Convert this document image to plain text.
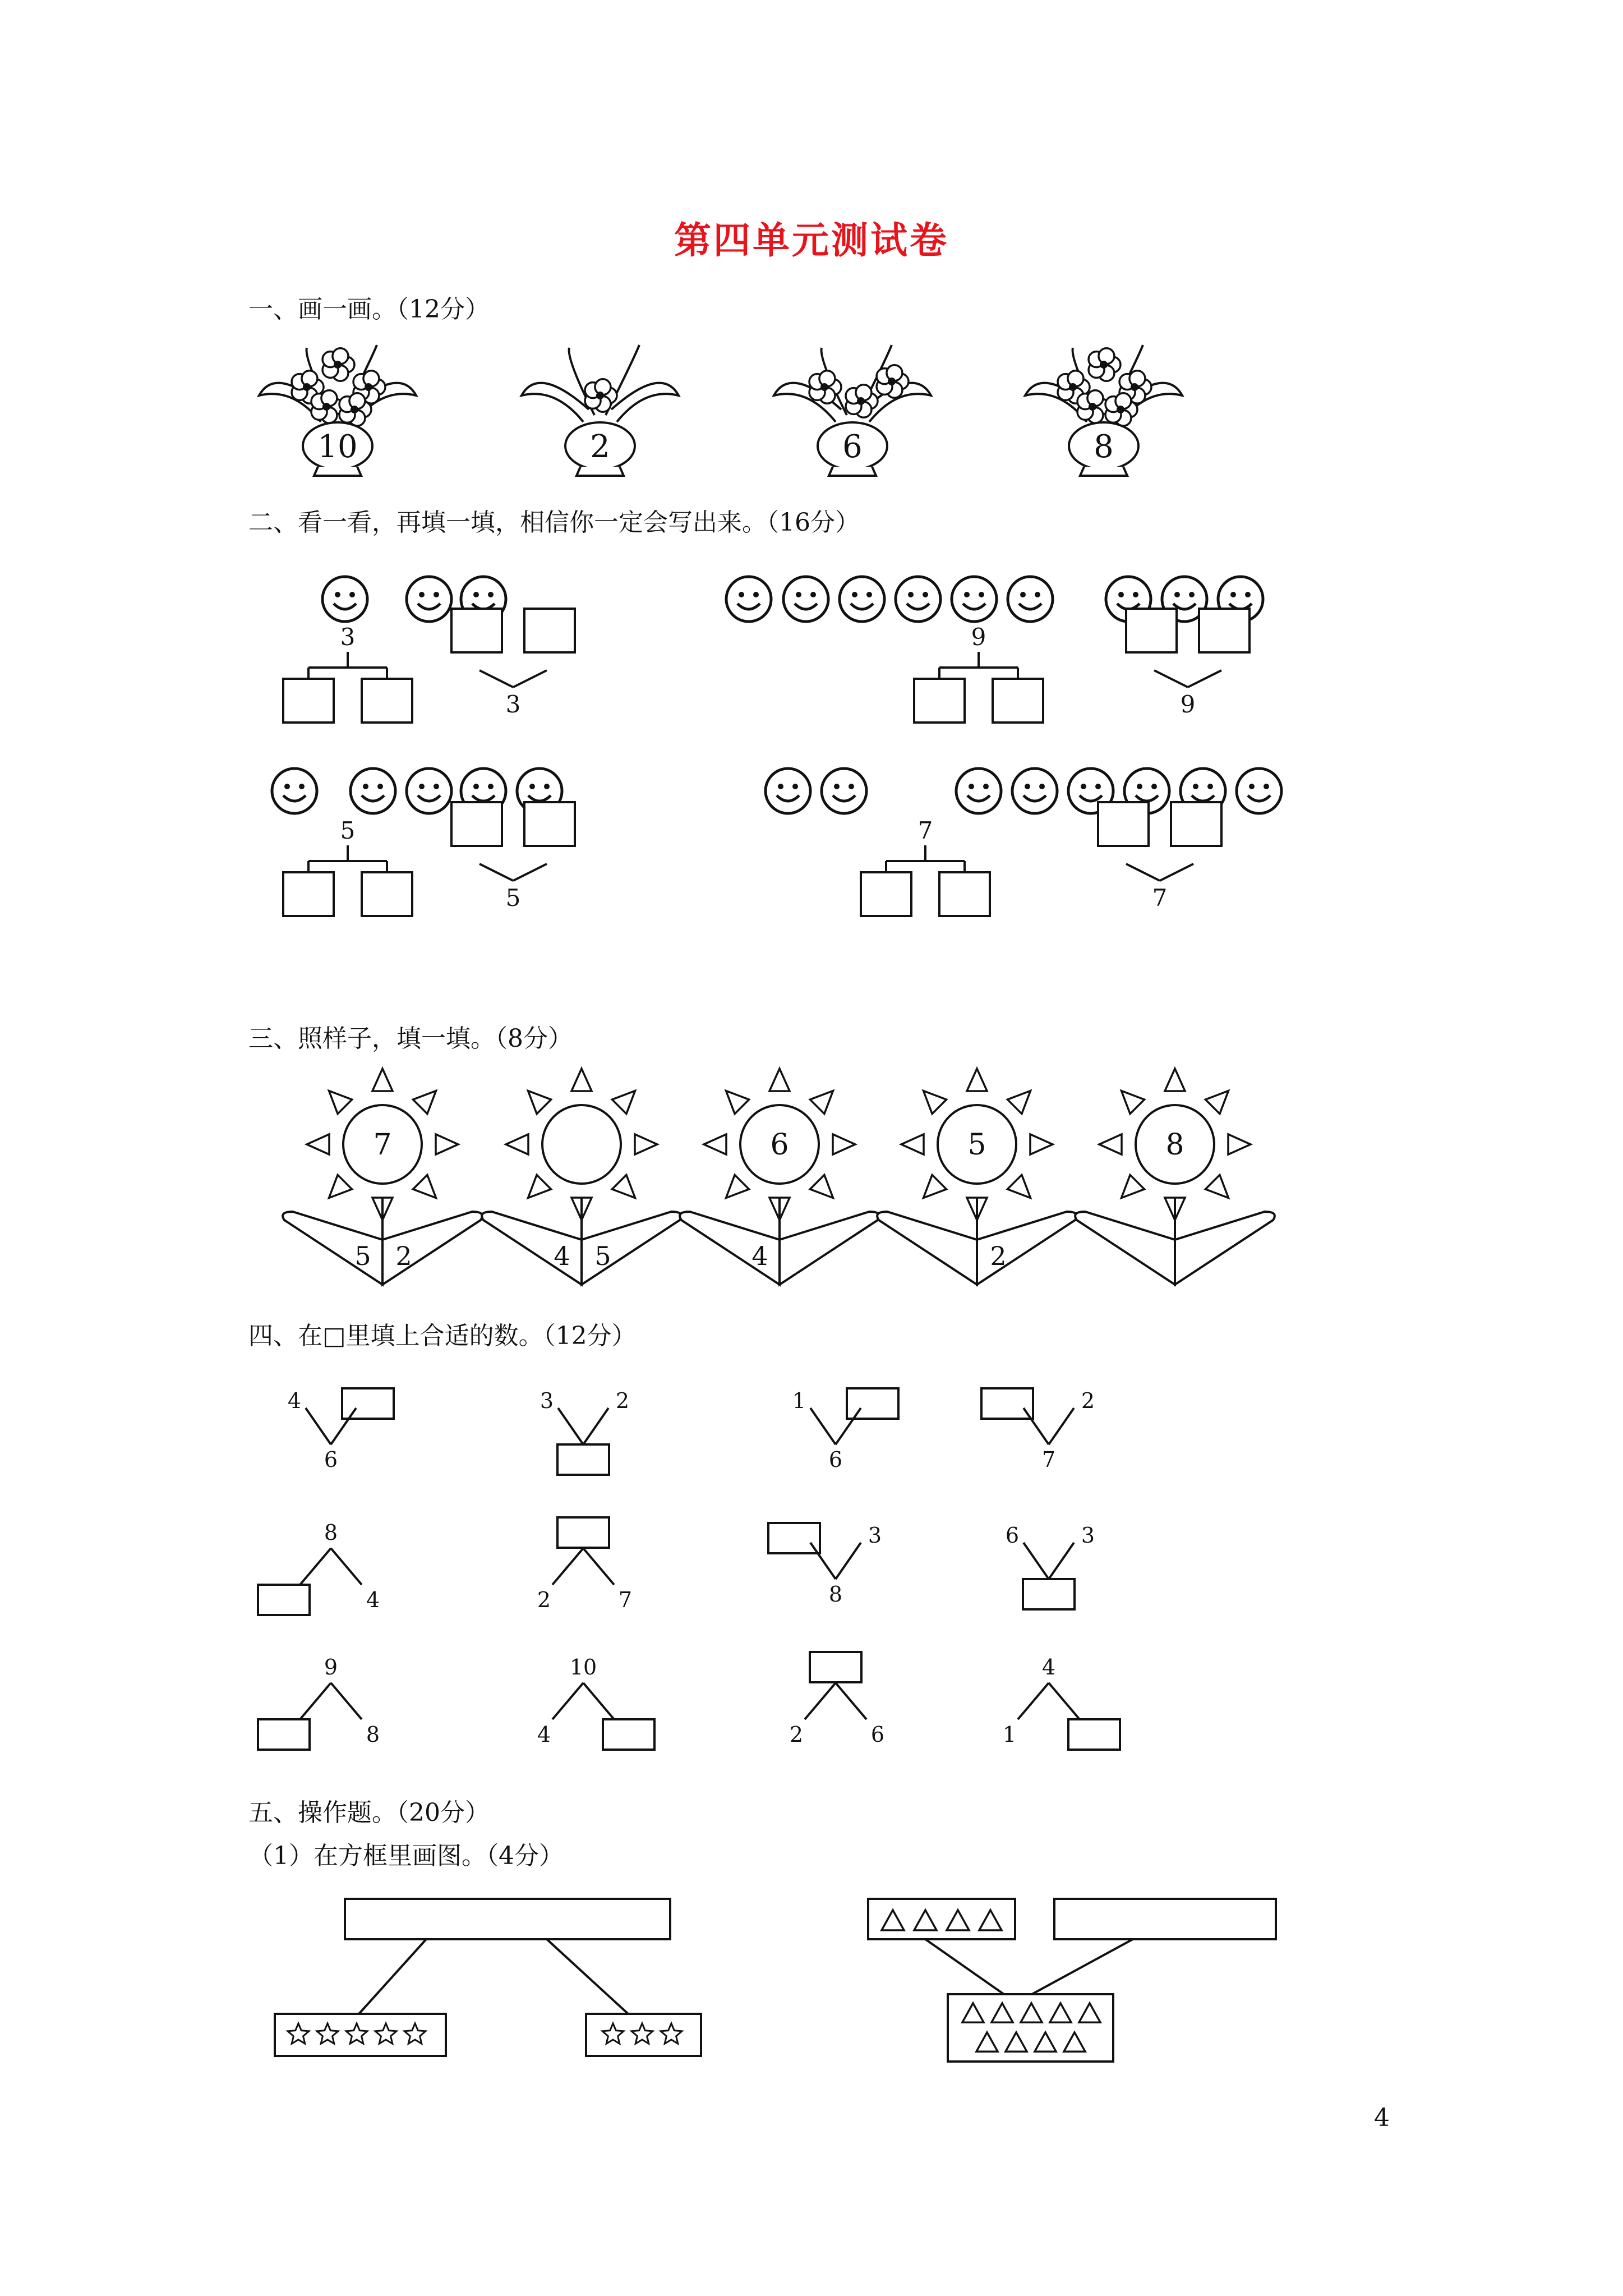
第四单元测试卷
一、画一画。（12分）
二、看一看，再填一填，相信你一定会写出来。（16分）
三、照样子，填一填。（8分）
四、在□里填上合适的数。（12分）
五、操作题。（20分）
（1）在方框里画图。（4分）
4
10	2	6	8
3
3
9
9
5
5
7
7
7
5 2	4 5
6
4
5
2
8
4
6
3	2	1
6
2
7
8
4	2	7
3
8
6	3
9
8
10
4	2	6
4
1
